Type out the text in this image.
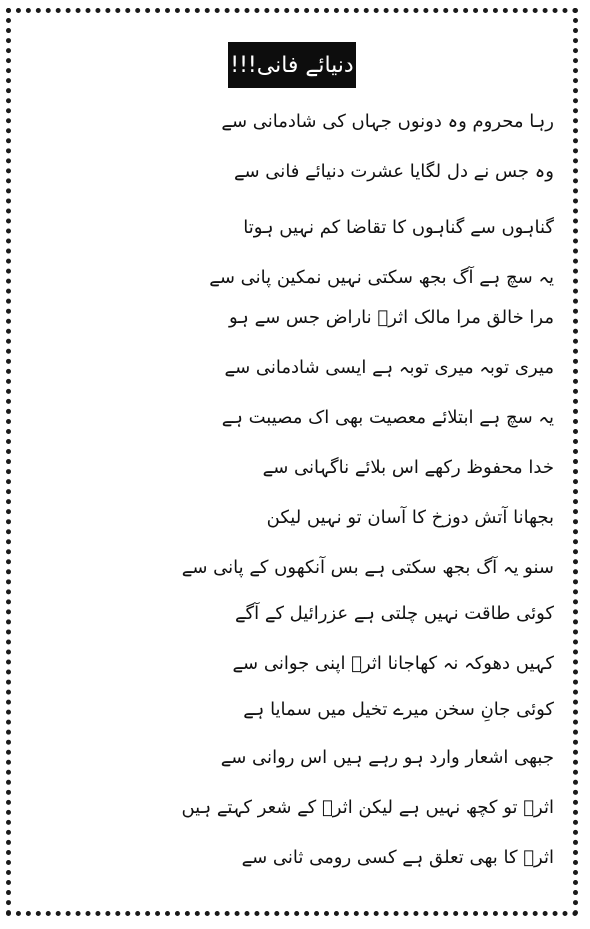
دنیائے فانی!!!
رہا محروم وہ دونوں جہاں کی شادمانی سے
وہ جس نے دل لگایا عشرت دنیائے فانی سے
گناہوں سے گناہوں کا تقاضا کم نہیں ہوتا
یہ سچ ہے آگ بجھ سکتی نہیں نمکین پانی سے
مرا خالق مرا مالک اثرؔ ناراض جس سے ہو
میری توبہ میری توبہ ہے ایسی شادمانی سے
یہ سچ ہے ابتلائے معصیت بھی اک مصیبت ہے
خدا محفوظ رکھے اس بلائے ناگہانی سے
بجھانا آتش دوزخ کا آسان تو نہیں لیکن
سنو یہ آگ بجھ سکتی ہے بس آنکھوں کے پانی سے
کوئی طاقت نہیں چلتی ہے عزرائیل کے آگے
کہیں دھوکہ نہ کھاجانا اثرؔ اپنی جوانی سے
کوئی جانِ سخن میرے تخیل میں سمایا ہے
جبھی اشعار وارد ہو رہے ہیں اس روانی سے
اثرؔ تو کچھ نہیں ہے لیکن اثرؔ کے شعر کہتے ہیں
اثرؔ کا بھی تعلق ہے کسی رومی ثانی سے
